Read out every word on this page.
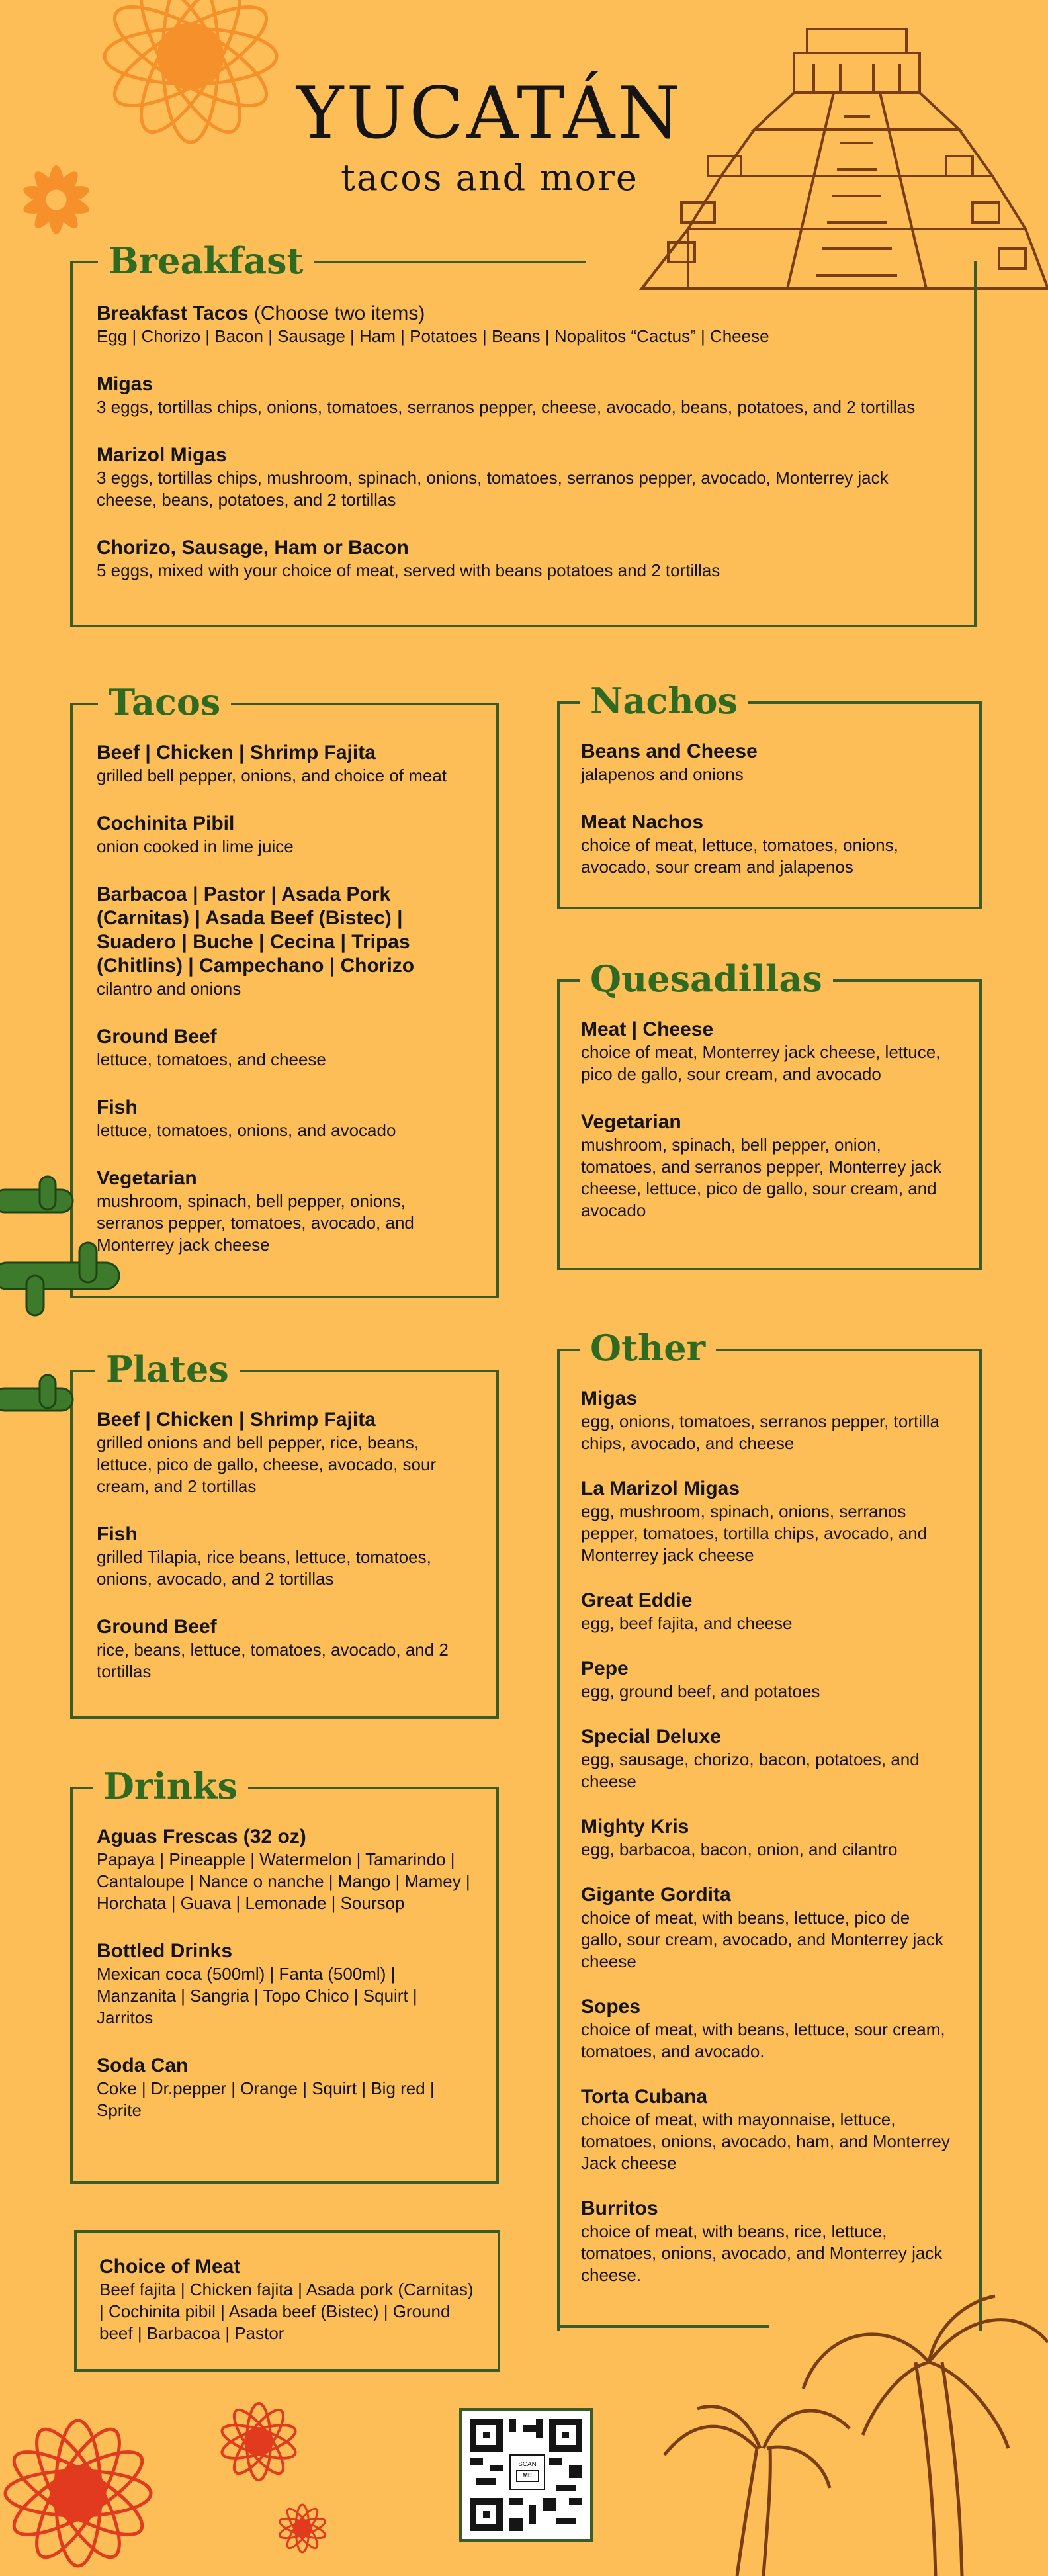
YUCATÁN
tacos and more
Breakfast
Breakfast Tacos (Choose two items)
Egg | Chorizo | Bacon | Sausage | Ham | Potatoes | Beans | Nopalitos “Cactus” | Cheese
Migas
3 eggs, tortillas chips, onions, tomatoes, serranos pepper, cheese, avocado, beans, potatoes, and 2 tortillas
Marizol Migas
3 eggs, tortillas chips, mushroom, spinach, onions, tomatoes, serranos pepper, avocado, Monterrey jack cheese, beans, potatoes, and 2 tortillas
Chorizo, Sausage, Ham or Bacon
5 eggs, mixed with your choice of meat, served with beans potatoes and 2 tortillas
Tacos
Beef | Chicken | Shrimp Fajita
grilled bell pepper, onions, and choice of meat
Cochinita Pibil
onion cooked in lime juice
Barbacoa | Pastor | Asada Pork (Carnitas) | Asada Beef (Bistec) | Suadero | Buche | Cecina | Tripas (Chitlins) | Campechano | Chorizo
cilantro and onions
Ground Beef
lettuce, tomatoes, and cheese
Fish
lettuce, tomatoes, onions, and avocado
Vegetarian
mushroom, spinach, bell pepper, onions, serranos pepper, tomatoes, avocado, and Monterrey jack cheese
Nachos
Beans and Cheese
jalapenos and onions
Meat Nachos
choice of meat, lettuce, tomatoes, onions, avocado, sour cream and jalapenos
Quesadillas
Meat | Cheese
choice of meat, Monterrey jack cheese, lettuce, pico de gallo, sour cream, and avocado
Vegetarian
mushroom, spinach, bell pepper, onion, tomatoes, and serranos pepper, Monterrey jack cheese, lettuce, pico de gallo, sour cream, and avocado
Plates
Beef | Chicken | Shrimp Fajita
grilled onions and bell pepper, rice, beans, lettuce, pico de gallo, cheese, avocado, sour cream, and 2 tortillas
Fish
grilled Tilapia, rice beans, lettuce, tomatoes, onions, avocado, and 2 tortillas
Ground Beef
rice, beans, lettuce, tomatoes, avocado, and 2 tortillas
Other
Migas
egg, onions, tomatoes, serranos pepper, tortilla chips, avocado, and cheese
La Marizol Migas
egg, mushroom, spinach, onions, serranos pepper, tomatoes, tortilla chips, avocado, and Monterrey jack cheese
Great Eddie
egg, beef fajita, and cheese
Pepe
egg, ground beef, and potatoes
Special Deluxe
egg, sausage, chorizo, bacon, potatoes, and cheese
Mighty Kris
egg, barbacoa, bacon, onion, and cilantro
Gigante Gordita
choice of meat, with beans, lettuce, pico de gallo, sour cream, avocado, and Monterrey jack cheese
Sopes
choice of meat, with beans, lettuce, sour cream, tomatoes, and avocado.
Torta Cubana
choice of meat, with mayonnaise, lettuce, tomatoes, onions, avocado, ham, and Monterrey Jack cheese
Burritos
choice of meat, with beans, rice, lettuce, tomatoes, onions, avocado, and Monterrey jack cheese.
Drinks
Aguas Frescas (32 oz)
Papaya | Pineapple | Watermelon | Tamarindo | Cantaloupe | Nance o nanche | Mango | Mamey | Horchata | Guava | Lemonade | Soursop
Bottled Drinks
Mexican coca (500ml) | Fanta (500ml) | Manzanita | Sangria | Topo Chico | Squirt | Jarritos
Soda Can
Coke | Dr.pepper | Orange | Squirt | Big red | Sprite
Choice of Meat
Beef fajita | Chicken fajita | Asada pork (Carnitas) | Cochinita pibil | Asada beef (Bistec) | Ground beef | Barbacoa | Pastor
SCAN
ME
